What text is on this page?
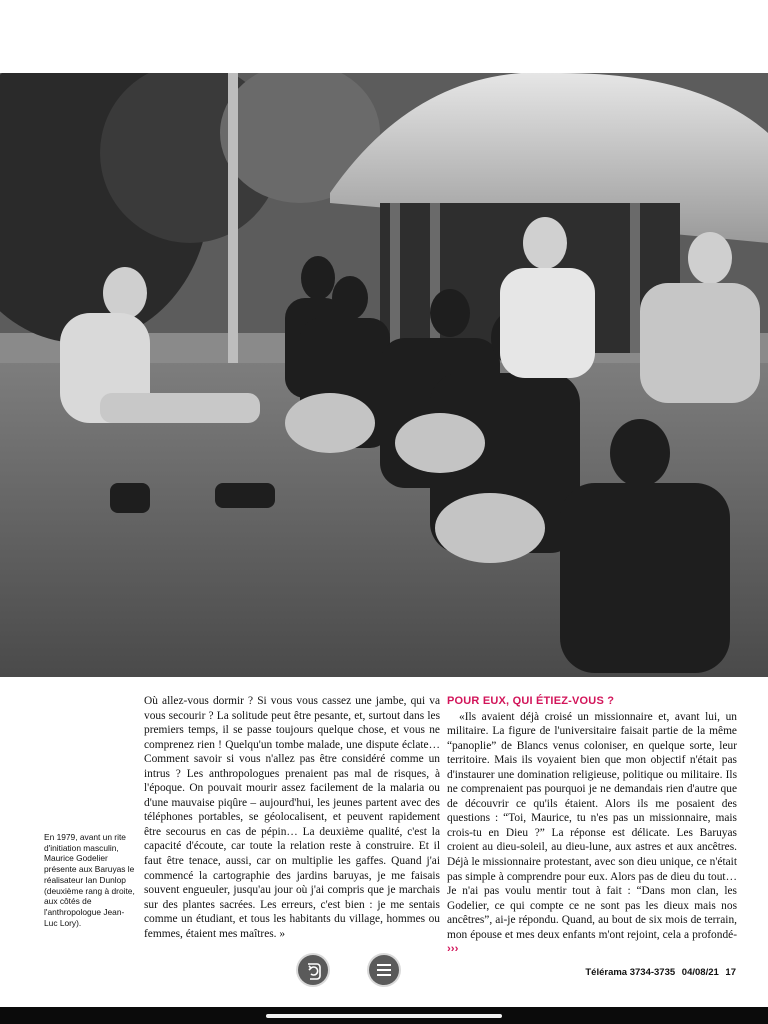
En 1979, avant un rite d'initiation masculin, Maurice Godelier présente aux Baruyas le réalisateur Ian Dunlop (deuxième rang à droite, aux côtés de l'anthropologue Jean-Luc Lory).

Où allez-vous dormir ? Si vous vous cassez une jambe, qui va vous secourir ? La solitude peut être pesante, et, surtout dans les premiers temps, il se passe toujours quelque chose, et vous ne comprenez rien ! Quelqu'un tombe malade, une dispute éclate… Comment savoir si vous n'allez pas être considéré comme un intrus ? Les anthropologues prenaient pas mal de risques, à l'époque. On pouvait mourir assez facilement de la malaria ou d'une mauvaise piqûre – aujourd'hui, les jeunes partent avec des téléphones portables, se géolocalisent, et peuvent rapidement être secourus en cas de pépin… La deuxième qualité, c'est la capacité d'écoute, car toute la relation reste à construire. Et il faut être tenace, aussi, car on multiplie les gaffes. Quand j'ai commencé la cartographie des jardins baruyas, je me faisais souvent engueuler, jusqu'au jour où j'ai compris que je marchais sur des plantes sacrées. Les erreurs, c'est bien : je me sentais comme un étudiant, et tous les habitants du village, hommes ou femmes, étaient mes maîtres. »

POUR EUX, QUI ÉTIEZ-VOUS ?

«Ils avaient déjà croisé un missionnaire et, avant lui, un militaire. La figure de l'universitaire faisait partie de la même “panoplie” de Blancs venus coloniser, en quelque sorte, leur territoire. Mais ils voyaient bien que mon objectif n'était pas d'instaurer une domination religieuse, politique ou militaire. Ils ne comprenaient pas pourquoi je ne demandais rien d'autre que de découvrir ce qu'ils étaient. Alors ils me posaient des questions : “Toi, Maurice, tu n'es pas un missionnaire, mais crois-tu en Dieu ?” La réponse est délicate. Les Baruyas croient au dieu-soleil, au dieu-lune, aux astres et aux ancêtres. Déjà le missionnaire protestant, avec son dieu unique, ce n'était pas simple à comprendre pour eux. Alors pas de dieu du tout… Je n'ai pas voulu mentir tout à fait : “Dans mon clan, les Godelier, ce qui compte ce ne sont pas les dieux mais nos ancêtres”, ai-je répondu. Quand, au bout de six mois de terrain, mon épouse et mes deux enfants m'ont rejoint, cela a profondé- ›››

Télérama 3734-3735 04/08/21 17
